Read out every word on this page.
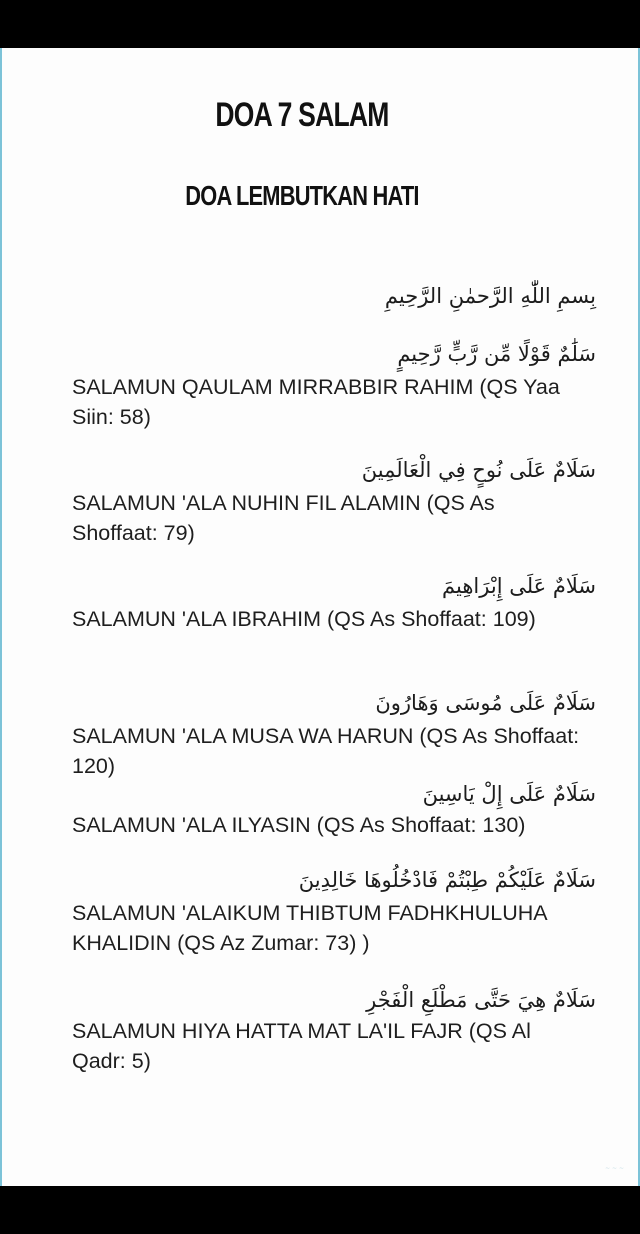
DOA 7 SALAM
DOA LEMBUTKAN HATI
بِسمِ اللّٰهِ الرَّحمٰنِ الرَّحِيمِ
سَلَٰمٌ قَوْلًا مِّن رَّبٍّ رَّحِيمٍ
SALAMUN QAULAM MIRRABBIR RAHIM (QS Yaa Siin: 58)
سَلَامٌ عَلَى نُوحٍ فِي الْعَالَمِينَ
SALAMUN 'ALA NUHIN FIL ALAMIN (QS As Shoffaat: 79)
سَلَامٌ عَلَى إِبْرَاهِيمَ
SALAMUN 'ALA IBRAHIM (QS As Shoffaat: 109)
سَلَامٌ عَلَى مُوسَى وَهَارُونَ
SALAMUN 'ALA MUSA WA HARUN (QS As Shoffaat: 120)
سَلَامٌ عَلَى إِلْ يَاسِينَ
SALAMUN 'ALA ILYASIN (QS As Shoffaat: 130)
سَلَامٌ عَلَيْكُمْ طِبْتُمْ فَادْخُلُوهَا خَالِدِينَ
SALAMUN 'ALAIKUM THIBTUM FADHKHULUHA KHALIDIN (QS Az Zumar: 73) )
سَلَامٌ هِيَ حَتَّى مَطْلَعِ الْفَجْرِ
SALAMUN HIYA HATTA MAT LA'IL FAJR (QS Al Qadr: 5)
~ ~ ~
